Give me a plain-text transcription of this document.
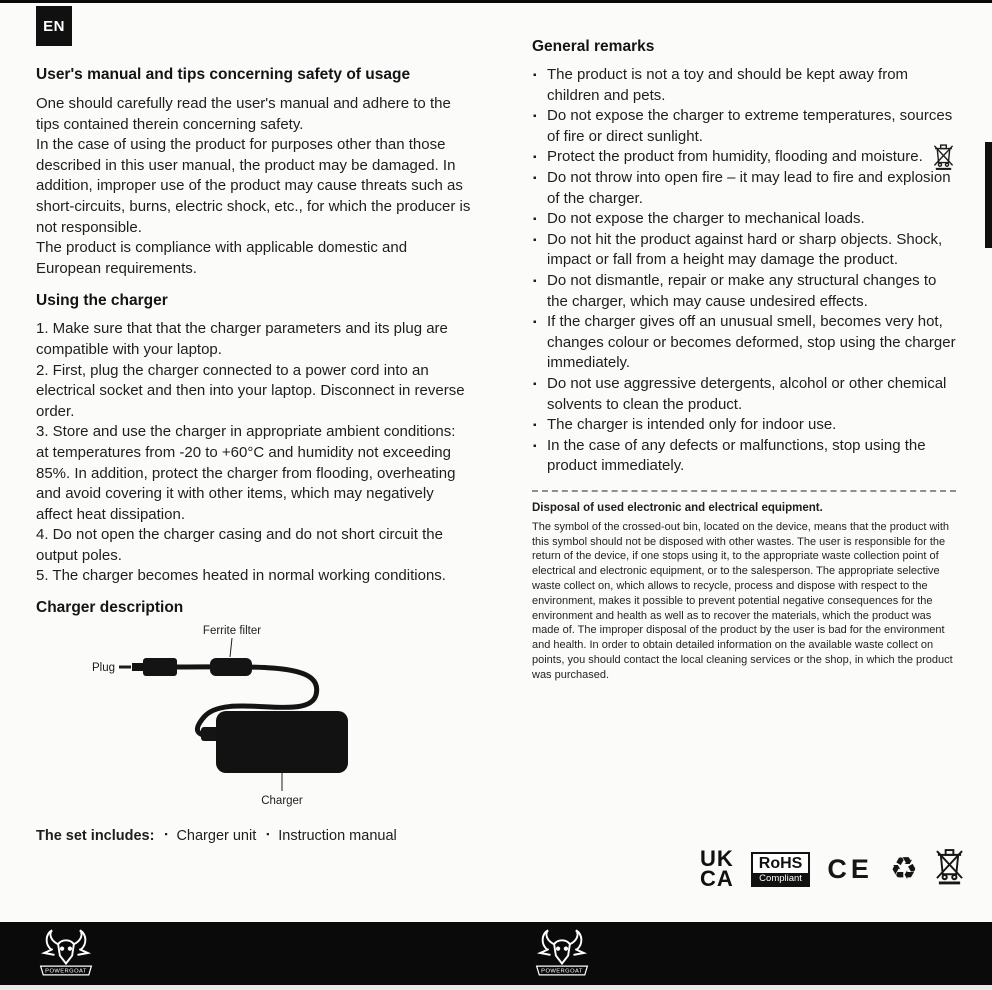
EN
User's manual and tips concerning safety of usage

One should carefully read the user's manual and adhere to the tips contained therein concerning safety.

In the case of using the product for purposes other than those described in this user manual, the product may be damaged. In addition, improper use of the product may cause threats such as short-circuits, burns, electric shock, etc., for which the producer is not responsible.

The product is compliance with applicable domestic and European requirements.

Using the charger

1. Make sure that that the charger parameters and its plug are compatible with your laptop.

2. First, plug the charger connected to a power cord into an electrical socket and then into your laptop. Disconnect in reverse order.

3. Store and use the charger in appropriate ambient conditions: at temperatures from -20 to +60°C and humidity not exceeding 85%. In addition, protect the charger from flooding, overheating and avoid covering it with other items, which may negatively affect heat dissipation.

4. Do not open the charger casing and do not short circuit the output poles.

5. The charger becomes heated in normal working conditions.

Charger description
Ferrite filter
Plug
Charger
The set includes:	▪ Charger unit	▪ Instruction manual
General remarks
▪ The product is not a toy and should be kept away from children and pets.
▪ Do not expose the charger to extreme temperatures, sources of fire or direct sunlight.
▪ Protect the product from humidity, flooding and moisture.
▪ Do not throw into open fire – it may lead to fire and explosion of the charger.
▪ Do not expose the charger to mechanical loads.
▪ Do not hit the product against hard or sharp objects. Shock, impact or fall from a height may damage the product.
▪ Do not dismantle, repair or make any structural changes to the charger, which may cause undesired effects.
▪ If the charger gives off an unusual smell, becomes very hot, changes colour or becomes deformed, stop using the charger immediately.
▪ Do not use aggressive detergents, alcohol or other chemical solvents to clean the product.
▪ The charger is intended only for indoor use.
▪ In the case of any defects or malfunctions, stop using the product immediately.
Disposal of used electronic and electrical equipment.

The symbol of the crossed-out bin, located on the device, means that the product with this symbol should not be disposed with other wastes. The user is responsible for the return of the device, if one stops using it, to the appropriate waste collection point of electrical and electronic equipment, or to the salesperson. The appropriate selective waste collect on, which allows to recycle, process and dispose with respect to the environment, makes it possible to prevent potential negative consequences for the environment and health as well as to recover the materials, which the product was made of. The improper disposal of the product by the user is bad for the environment and health. In order to obtain detailed information on the available waste collect on points, you should contact the local cleaning services or the shop, in which the product was purchased.

UK
CA
RoHS
Compliant CE ♻
POWERGOAT	POWERGOAT
